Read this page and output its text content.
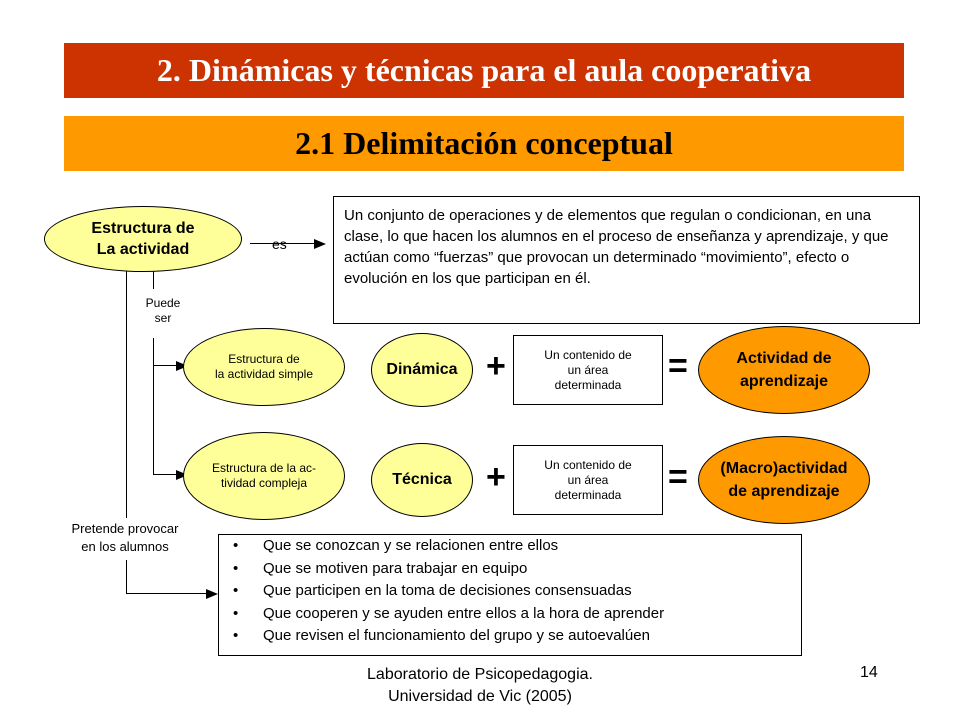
2. Dinámicas y técnicas para el aula cooperativa
2.1 Delimitación conceptual
Estructura de
La actividad	es
Un conjunto de operaciones y de elementos que regulan o condicionan, en una clase, lo que hacen los alumnos en el proceso de enseñanza y aprendizaje, y que actúan como “fuerzas” que provocan un determinado “movimiento”, efecto o evolución en los que participan en él.
Puede
ser
Estructura de
la actividad simple	Dinámica +	Un contenido de
un área
determinada	=	Actividad de
aprendizaje
Estructura de la ac-
tividad compleja	Técnica +	Un contenido de
un área
determinada	= (Macro)actividad
de aprendizaje
Pretende provocar
en los alumnos
•	Que se conozcan y se relacionen entre ellos
• Que se motiven para trabajar en equipo
• Que participen en la toma de decisiones consensuadas
• Que cooperen y se ayuden entre ellos a la hora de aprender
• Que revisen el funcionamiento del grupo y se autoevalúen
Laboratorio de Psicopedagogia.
Universidad de Vic (2005)
14
